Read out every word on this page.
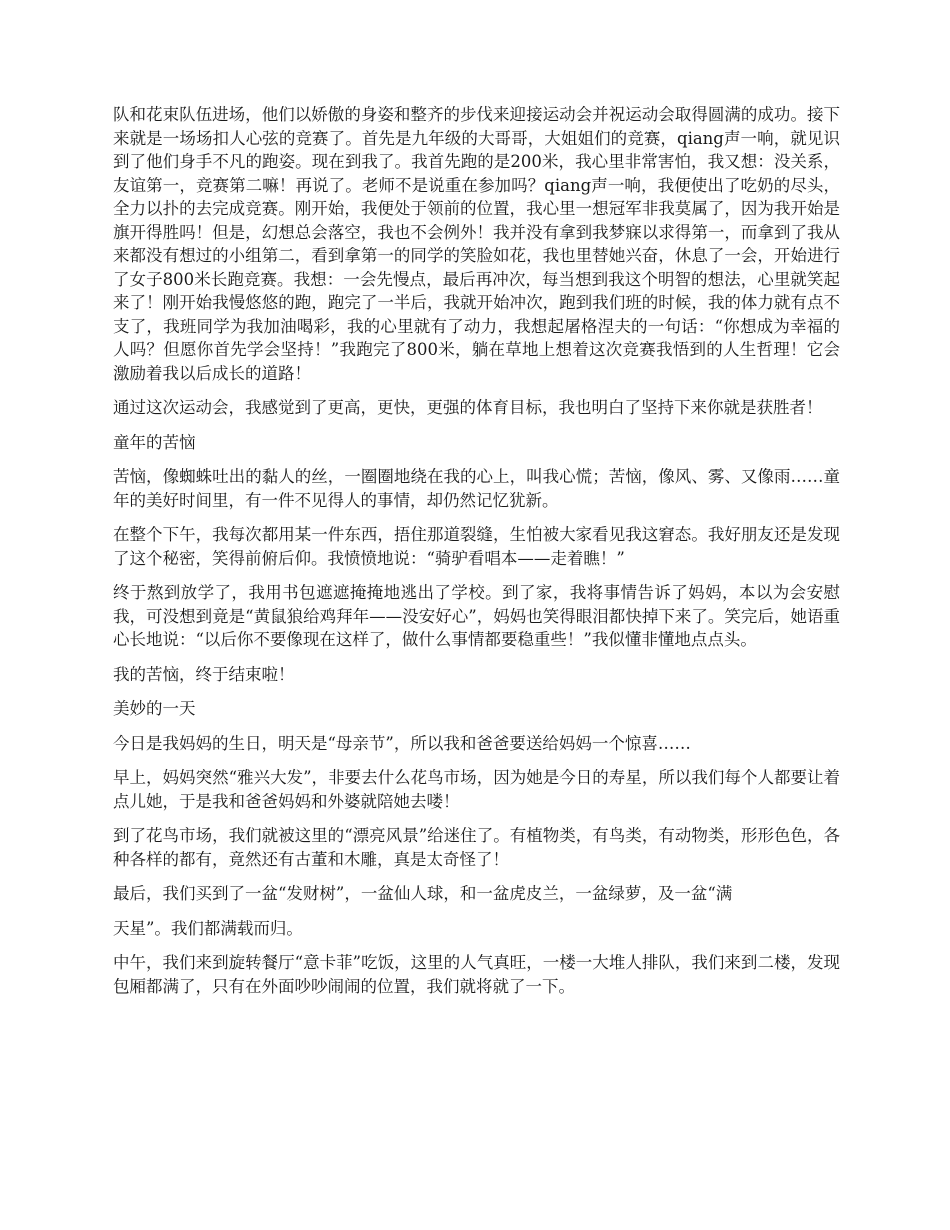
队和花束队伍进场，他们以娇傲的身姿和整齐的步伐来迎接运动会并祝运动会取得圆满的成功。接下来就是一场场扣人心弦的竞赛了。首先是九年级的大哥哥，大姐姐们的竞赛，qiang声一响，就见识到了他们身手不凡的跑姿。现在到我了。我首先跑的是200米，我心里非常害怕，我又想：没关系，友谊第一，竞赛第二嘛！再说了。老师不是说重在参加吗？qiang声一响，我便使出了吃奶的尽头，全力以扑的去完成竞赛。刚开始，我便处于领前的位置，我心里一想冠军非我莫属了，因为我开始是旗开得胜吗！但是，幻想总会落空，我也不会例外！我并没有拿到我梦寐以求得第一，而拿到了我从来都没有想过的小组第二，看到拿第一的同学的笑脸如花，我也里替她兴奋，休息了一会，开始进行了女子800米长跑竞赛。我想：一会先慢点，最后再冲次，每当想到我这个明智的想法，心里就笑起来了！刚开始我慢悠悠的跑，跑完了一半后，我就开始冲次，跑到我们班的时候，我的体力就有点不支了，我班同学为我加油喝彩，我的心里就有了动力，我想起屠格涅夫的一句话：“你想成为幸福的人吗？但愿你首先学会坚持！”我跑完了800米，躺在草地上想着这次竞赛我悟到的人生哲理！它会激励着我以后成长的道路！

通过这次运动会，我感觉到了更高，更快，更强的体育目标，我也明白了坚持下来你就是获胜者！

童年的苦恼

苦恼，像蜘蛛吐出的黏人的丝，一圈圈地绕在我的心上，叫我心慌；苦恼，像风、雾、又像雨……童年的美好时间里，有一件不见得人的事情，却仍然记忆犹新。

在整个下午，我每次都用某一件东西，捂住那道裂缝，生怕被大家看见我这窘态。我好朋友还是发现了这个秘密，笑得前俯后仰。我愤愤地说：“骑驴看唱本——走着瞧！”

终于熬到放学了，我用书包遮遮掩掩地逃出了学校。到了家，我将事情告诉了妈妈，本以为会安慰我，可没想到竟是“黄鼠狼给鸡拜年——没安好心”，妈妈也笑得眼泪都快掉下来了。笑完后，她语重心长地说：“以后你不要像现在这样了，做什么事情都要稳重些！”我似懂非懂地点点头。

我的苦恼，终于结束啦！

美妙的一天

今日是我妈妈的生日，明天是“母亲节”，所以我和爸爸要送给妈妈一个惊喜……

早上，妈妈突然“雅兴大发”，非要去什么花鸟市场，因为她是今日的寿星，所以我们每个人都要让着点儿她，于是我和爸爸妈妈和外婆就陪她去喽！

到了花鸟市场，我们就被这里的“漂亮风景”给迷住了。有植物类，有鸟类，有动物类，形形色色，各种各样的都有，竟然还有古董和木雕，真是太奇怪了！

最后，我们买到了一盆“发财树”，一盆仙人球，和一盆虎皮兰，一盆绿萝，及一盆“满

天星”。我们都满载而归。

中午，我们来到旋转餐厅“意卡菲”吃饭，这里的人气真旺，一楼一大堆人排队，我们来到二楼，发现包厢都满了，只有在外面吵吵闹闹的位置，我们就将就了一下。
